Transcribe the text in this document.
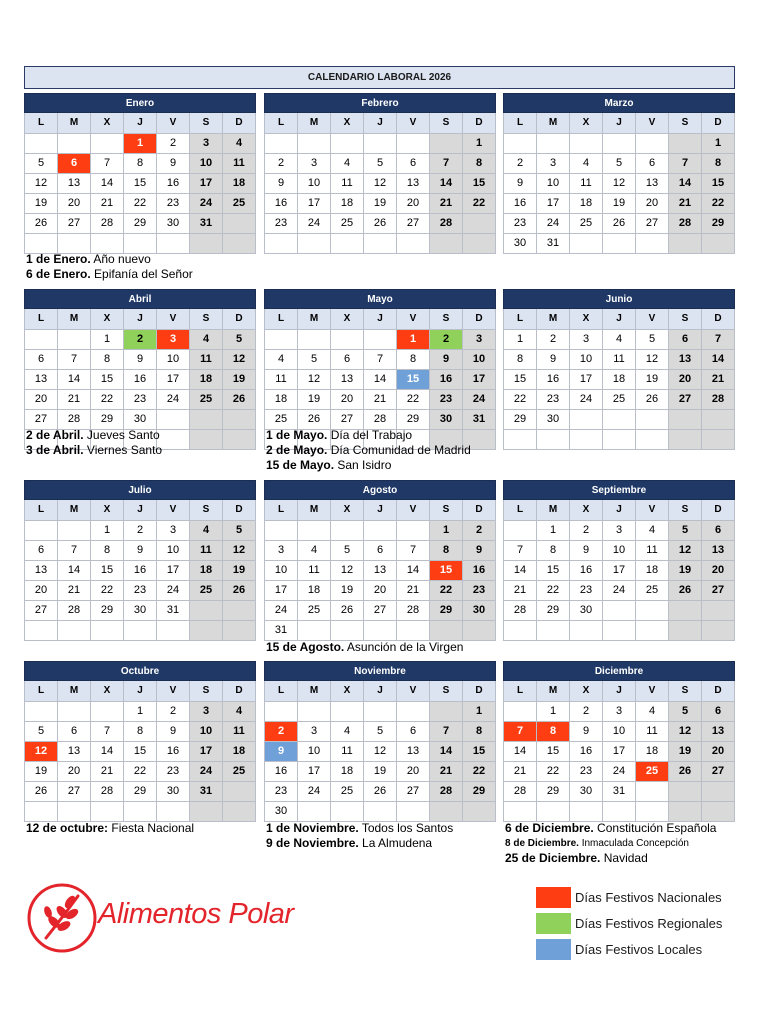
CALENDARIO LABORAL 2026
Enero
L	M	X	J	V	S	D
			1	2	3	4
5	6	7	8	9	10	11
12	13	14	15	16	17	18
19	20	21	22	23	24	25
26	27	28	29	30	31	

Febrero
L	M	X	J	V	S	D
						1
2	3	4	5	6	7	8
9	10	11	12	13	14	15
16	17	18	19	20	21	22
23	24	25	26	27	28	

Marzo
L	M	X	J	V	S	D
						1
2	3	4	5	6	7	8
9	10	11	12	13	14	15
16	17	18	19	20	21	22
23	24	25	26	27	28	29
30	31					
Abril
L	M	X	J	V	S	D
		1	2	3	4	5
6	7	8	9	10	11	12
13	14	15	16	17	18	19
20	21	22	23	24	25	26
27	28	29	30			

Mayo
L	M	X	J	V	S	D
				1	2	3
4	5	6	7	8	9	10
11	12	13	14	15	16	17
18	19	20	21	22	23	24
25	26	27	28	29	30	31

Junio
L	M	X	J	V	S	D
1	2	3	4	5	6	7
8	9	10	11	12	13	14
15	16	17	18	19	20	21
22	23	24	25	26	27	28
29	30					

Julio
L	M	X	J	V	S	D
		1	2	3	4	5
6	7	8	9	10	11	12
13	14	15	16	17	18	19
20	21	22	23	24	25	26
27	28	29	30	31		

Agosto
L	M	X	J	V	S	D
					1	2
3	4	5	6	7	8	9
10	11	12	13	14	15	16
17	18	19	20	21	22	23
24	25	26	27	28	29	30
31						
Septiembre
L	M	X	J	V	S	D
	1	2	3	4	5	6
7	8	9	10	11	12	13
14	15	16	17	18	19	20
21	22	23	24	25	26	27
28	29	30				

Octubre
L	M	X	J	V	S	D
			1	2	3	4
5	6	7	8	9	10	11
12	13	14	15	16	17	18
19	20	21	22	23	24	25
26	27	28	29	30	31	

Noviembre
L	M	X	J	V	S	D
						1
2	3	4	5	6	7	8
9	10	11	12	13	14	15
16	17	18	19	20	21	22
23	24	25	26	27	28	29
30						
Diciembre
L	M	X	J	V	S	D
	1	2	3	4	5	6
7	8	9	10	11	12	13
14	15	16	17	18	19	20
21	22	23	24	25	26	27
28	29	30	31			

1 de Enero. Año nuevo
6 de Enero. Epifanía del Señor
2 de Abril. Jueves Santo
3 de Abril. Viernes Santo
1 de Mayo. Día del Trabajo
2 de Mayo. Día Comunidad de Madrid
15 de Mayo. San Isidro
15 de Agosto. Asunción de la Virgen
12 de octubre: Fiesta Nacional	1 de Noviembre. Todos los Santos
9 de Noviembre. La Almudena
6 de Diciembre. Constitución Española
8 de Diciembre. Inmaculada Concepción
25 de Diciembre. Navidad
Alimentos Polar
Días Festivos Nacionales
Días Festivos Regionales
Días Festivos Locales
